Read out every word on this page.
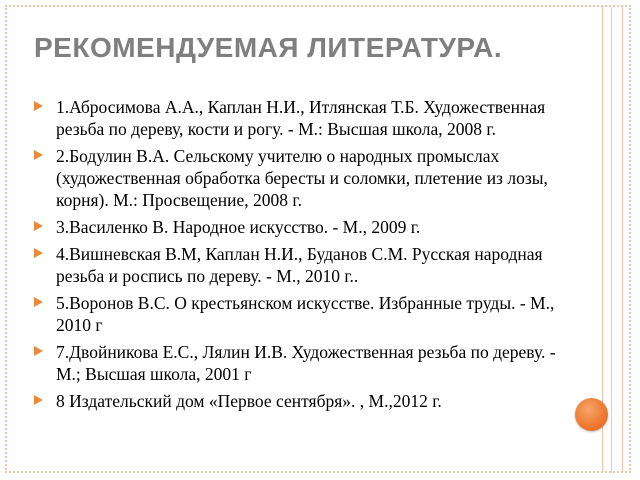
РЕКОМЕНДУЕМАЯ ЛИТЕРАТУРА.
1.Абросимова А.А., Каплан Н.И., Итлянская Т.Б. Художественная резьба по дереву, кости и рогу. - М.: Высшая школа, 2008 г.
2.Бодулин В.А. Сельскому учителю о народных промыслах (художественная обработка бересты и соломки, плетение из лозы, корня). М.: Просвещение, 2008 г.
3.Василенко В. Народное искусство. - М., 2009 г.
4.Вишневская В.М, Каплан Н.И., Буданов С.М. Русская народная резьба и роспись по дереву. - М., 2010 г..
5.Воронов В.С. О крестьянском искусстве. Избранные труды. - М., 2010 г
7.Двойникова Е.С., Лялин И.В. Художественная резьба по дереву. - М.; Высшая школа, 2001 г
8 Издательский дом «Первое сентября». , М.,2012 г.
